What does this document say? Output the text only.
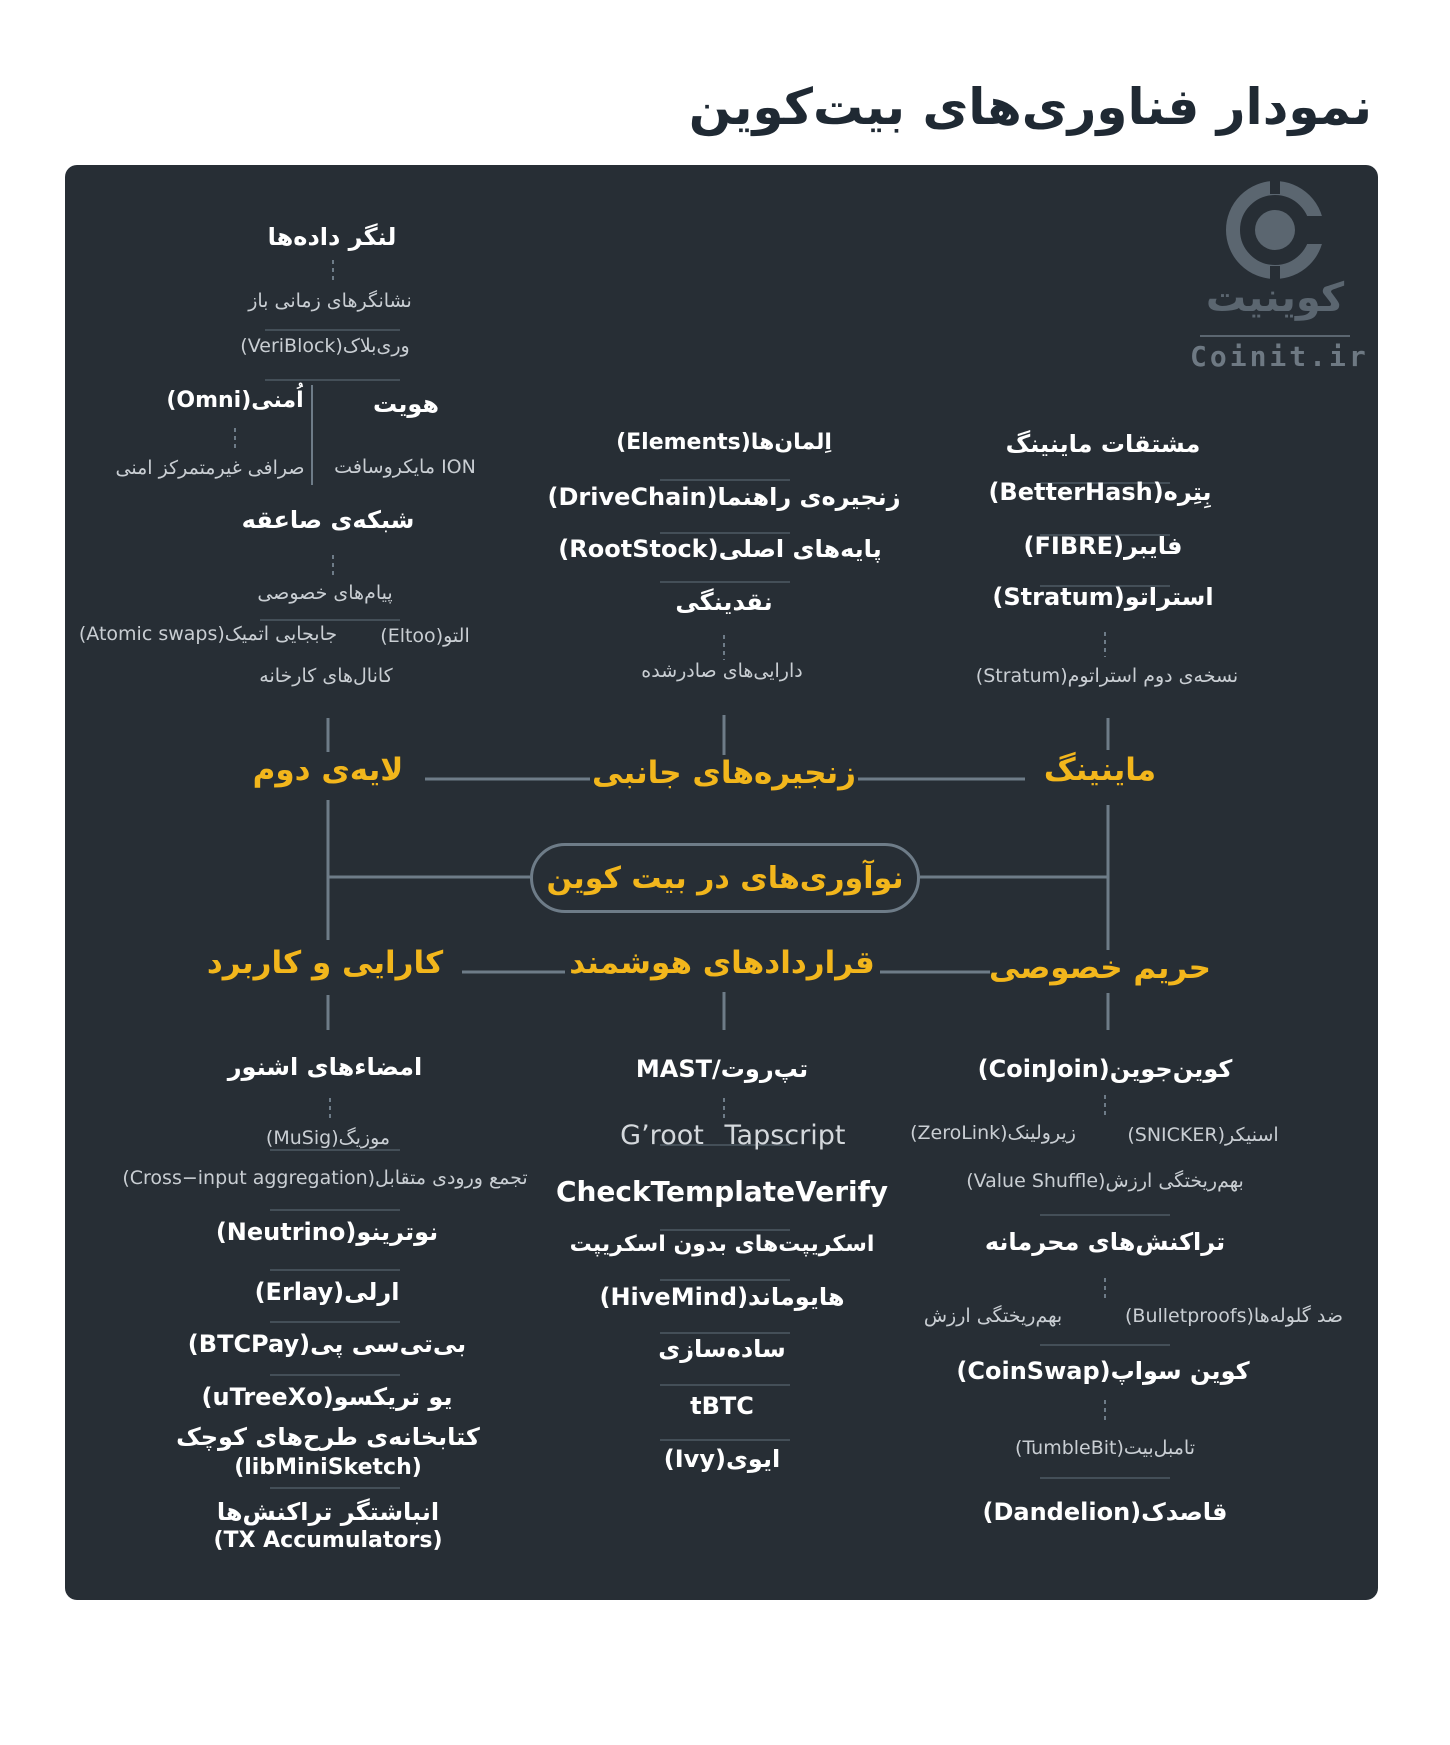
نمودار فناوری‌های بیت‌کوین
کوینیت
Coinit.ir
نوآوری‌های در بیت کوین
لایه‌ی دوم	زنجیره‌های جانبی	ماینینگ
کارایی و کاربرد	قراردادهای هوشمند	حریم خصوصی
لنگر داده‌ها
نشانگرهای زمانی باز
وری‌بلاک(VeriBlock)
اُمنی(Omni)	هویت
صرافی غیرمتمرکز امنی ION مایکروسافت
شبکه‌ی صاعقه
پیام‌های خصوصی
جابجایی اتمیک(Atomic swaps) التو(Eltoo)
کانال‌های کارخانه
اِلمان‌ها(Elements)
زنجیره‌ی راهنما(DriveChain)
پایه‌های اصلی(RootStock)
نقدینگی
دارایی‌های صادرشده
مشتقات ماینینگ
بِتِره(BetterHash)
فایبر(FIBRE)
استراتو(Stratum)
نسخه‌ی دوم استراتوم(Stratum)
امضاء‌های اشنور
موزیگ(MuSig)
تجمع ورودی متقابل(Cross−input aggregation)
نوترینو(Neutrino)
ارلی(Erlay)
بی‌تی‌سی پی(BTCPay)
یو تریکسو(uTreeXo)
کتابخانه‌ی طرح‌های کوچک
(libMiniSketch)
انباشتگر تراکنش‌ها
(TX Accumulators)
تپ‌روت/MAST
Tapscript
G’root
CheckTemplateVerify
اسکریپت‌های بدون اسکریپت
هایوماند(HiveMind)
ساده‌سازی
tBTC
ایوی(Ivy)
کوین‌جوین(CoinJoin)
زیرولینک(ZeroLink)	اسنیکر(SNICKER)
بهم‌ریختگی ارزش(Value Shuffle)
تراکنش‌های محرمانه
بهم‌ریختگی ارزش	ضد گلوله‌ها(Bulletproofs)
کوین سواپ(CoinSwap)
تامبل‌بیت(TumbleBit)
قاصدک(Dandelion)
